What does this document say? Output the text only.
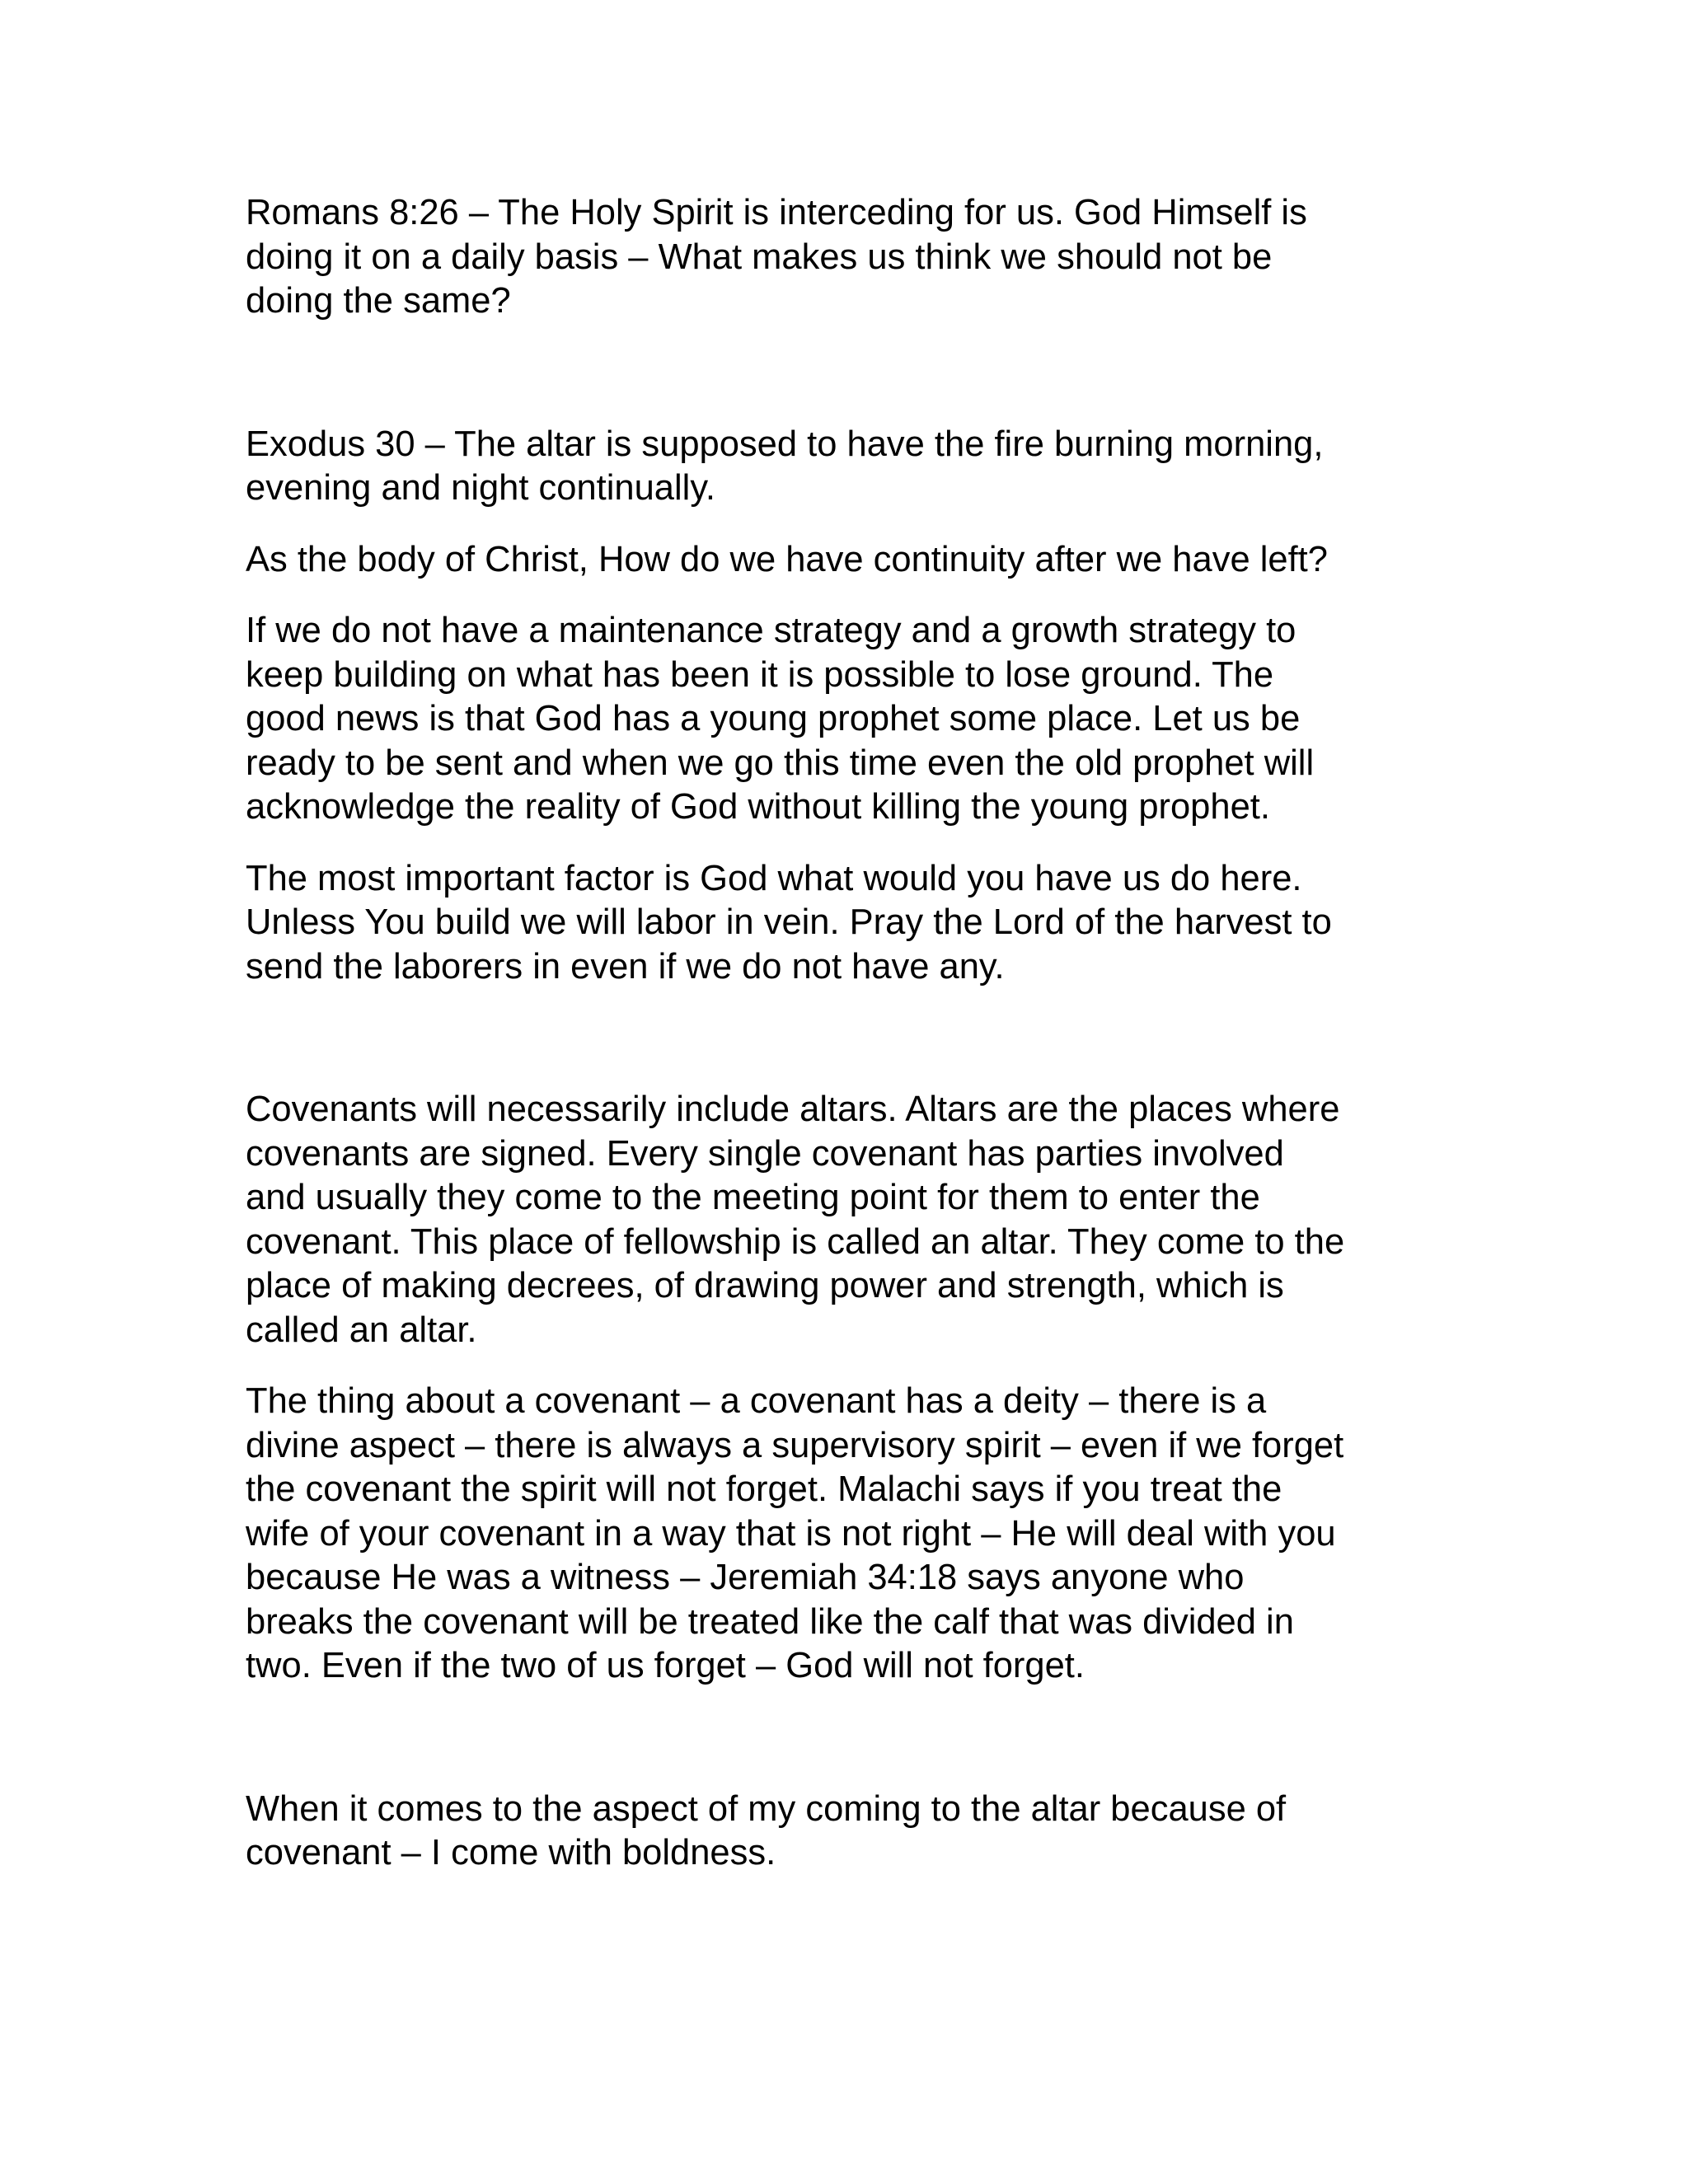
Romans 8:26 – The Holy Spirit is interceding for us. God Himself is
doing it on a daily basis – What makes us think we should not be
doing the same?

Exodus 30 – The altar is supposed to have the fire burning morning,
evening and night continually.

As the body of Christ, How do we have continuity after we have left?

If we do not have a maintenance strategy and a growth strategy to
keep building on what has been it is possible to lose ground. The
good news is that God has a young prophet some place. Let us be
ready to be sent and when we go this time even the old prophet will
acknowledge the reality of God without killing the young prophet.

The most important factor is God what would you have us do here.
Unless You build we will labor in vein. Pray the Lord of the harvest to
send the laborers in even if we do not have any.

Covenants will necessarily include altars. Altars are the places where
covenants are signed. Every single covenant has parties involved
and usually they come to the meeting point for them to enter the
covenant. This place of fellowship is called an altar. They come to the
place of making decrees, of drawing power and strength, which is
called an altar.

The thing about a covenant – a covenant has a deity – there is a
divine aspect – there is always a supervisory spirit – even if we forget
the covenant the spirit will not forget. Malachi says if you treat the
wife of your covenant in a way that is not right – He will deal with you
because He was a witness – Jeremiah 34:18 says anyone who
breaks the covenant will be treated like the calf that was divided in
two. Even if the two of us forget – God will not forget.

When it comes to the aspect of my coming to the altar because of
covenant – I come with boldness.
